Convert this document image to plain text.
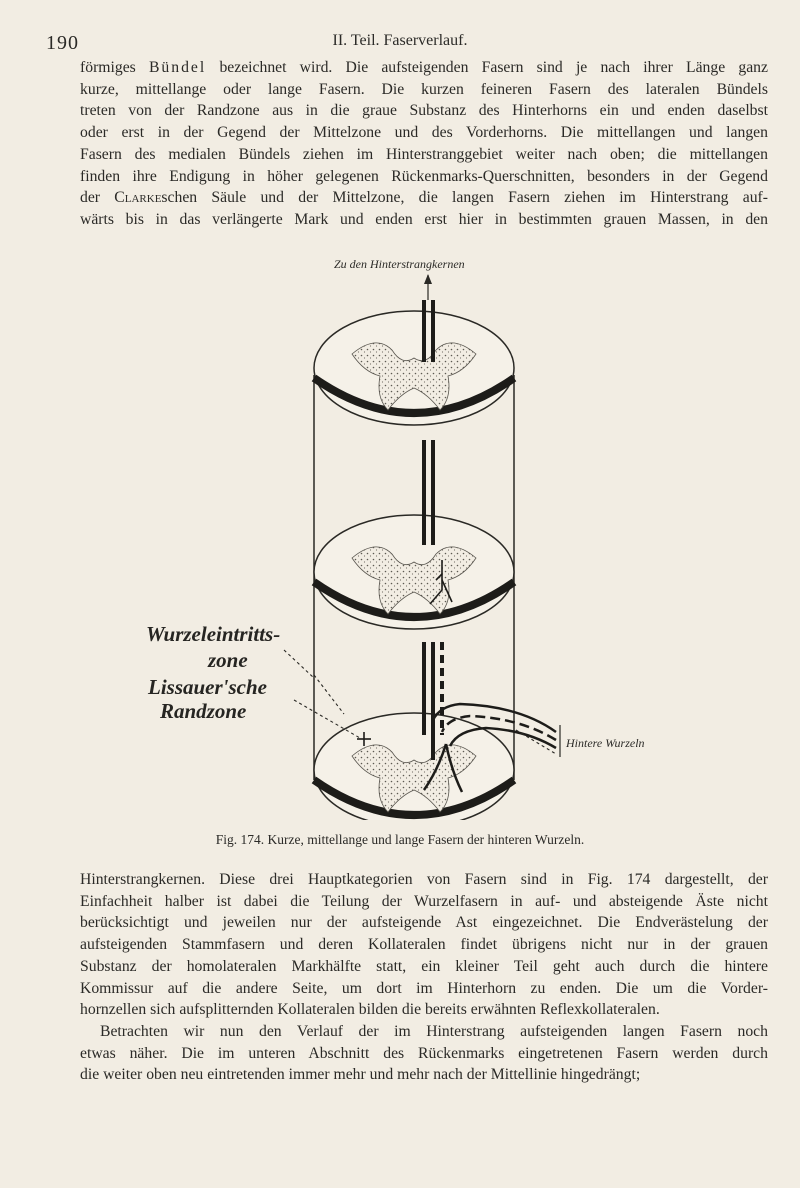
190	II. Teil. Faserverlauf.

förmiges Bündel bezeichnet wird. Die aufsteigenden Fasern sind je nach ihrer Länge ganz
kurze, mittellange oder lange Fasern. Die kurzen feineren Fasern des lateralen Bündels
treten von der Randzone aus in die graue Substanz des Hinterhorns ein und enden daselbst
oder erst in der Gegend der Mittelzone und des Vorderhorns. Die mittellangen und langen
Fasern des medialen Bündels ziehen im Hinterstranggebiet weiter nach oben; die mittellangen
finden ihre Endigung in höher gelegenen Rückenmarks-Querschnitten, besonders in der Gegend
der Clarkeschen Säule und der Mittelzone, die langen Fasern ziehen im Hinterstrang auf-
wärts bis in das verlängerte Mark und enden erst hier in bestimmten grauen Massen, in den

Zu den Hinterstrangkernen
Wurzeleintritts-
zone
Lissauer'sche
Randzone
Hintere Wurzeln
Fig. 174. Kurze, mittellange und lange Fasern der hinteren Wurzeln.

Hinterstrangkernen. Diese drei Hauptkategorien von Fasern sind in Fig. 174 dargestellt, der
Einfachheit halber ist dabei die Teilung der Wurzelfasern in auf- und absteigende Äste nicht
berücksichtigt und jeweilen nur der aufsteigende Ast eingezeichnet. Die Endverästelung der
aufsteigenden Stammfasern und deren Kollateralen findet übrigens nicht nur in der grauen
Substanz der homolateralen Markhälfte statt, ein kleiner Teil geht auch durch die hintere
Kommissur auf die andere Seite, um dort im Hinterhorn zu enden. Die um die Vorder-
hornzellen sich aufsplitternden Kollateralen bilden die bereits erwähnten Reflexkollateralen.
Betrachten wir nun den Verlauf der im Hinterstrang aufsteigenden langen Fasern noch
etwas näher. Die im unteren Abschnitt des Rückenmarks eingetretenen Fasern werden durch
die weiter oben neu eintretenden immer mehr und mehr nach der Mittellinie hingedrängt;
